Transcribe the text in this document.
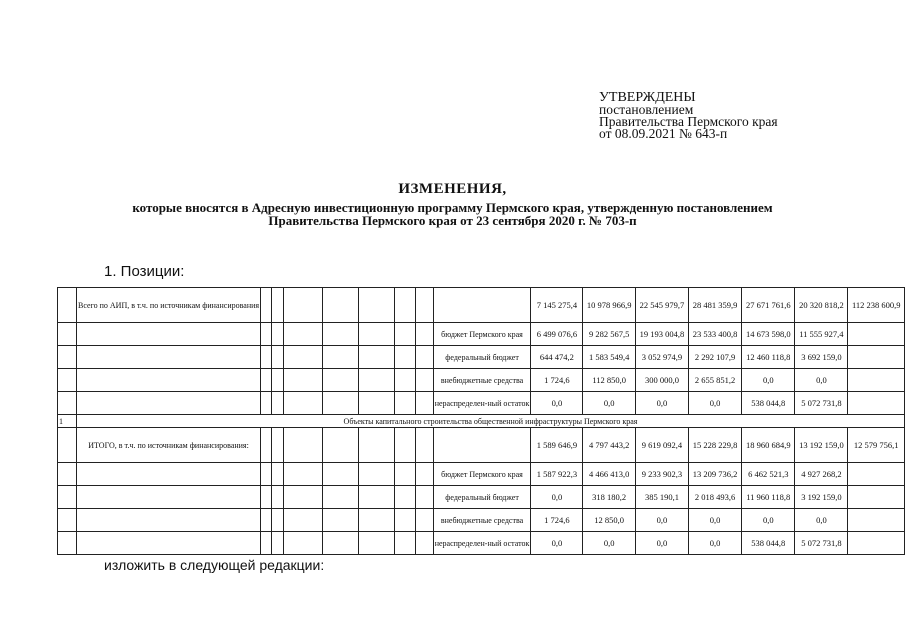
УТВЕРЖДЕНЫ
постановлением
Правительства Пермского края
от 08.09.2021 № 643-п
ИЗМЕНЕНИЯ,
которые вносятся в Адресную инвестиционную программу Пермского края, утвержденную постановлением
Правительства Пермского края от 23 сентября 2020 г. № 703-п
1. Позиции:
	Всего по АИП, в т.ч. по источникам финансирования									7 145 275,4	10 978 966,9	22 545 979,7	28 481 359,9	27 671 761,6	20 320 818,2	112 238 600,9
									бюджет Пермского края	6 499 076,6	9 282 567,5	19 193 004,8	23 533 400,8	14 673 598,0	11 555 927,4	
									федеральный бюджет	644 474,2	1 583 549,4	3 052 974,9	2 292 107,9	12 460 118,8	3 692 159,0	
									внебюджетные средства	1 724,6	112 850,0	300 000,0	2 655 851,2	0,0	0,0	
									нераспределен-ный остаток	0,0	0,0	0,0	0,0	538 044,8	5 072 731,8	
1	Объекты капитального строительства общественной инфраструктуры Пермского края															
	ИТОГО, в т.ч. по источникам финансирования:									1 589 646,9	4 797 443,2	9 619 092,4	15 228 229,8	18 960 684,9	13 192 159,0	12 579 756,1
									бюджет Пермского края	1 587 922,3	4 466 413,0	9 233 902,3	13 209 736,2	6 462 521,3	4 927 268,2	
									федеральный бюджет	0,0	318 180,2	385 190,1	2 018 493,6	11 960 118,8	3 192 159,0	
									внебюджетные средства	1 724,6	12 850,0	0,0	0,0	0,0	0,0	
									нераспределен-ный остаток	0,0	0,0	0,0	0,0	538 044,8	5 072 731,8	
изложить в следующей редакции:
